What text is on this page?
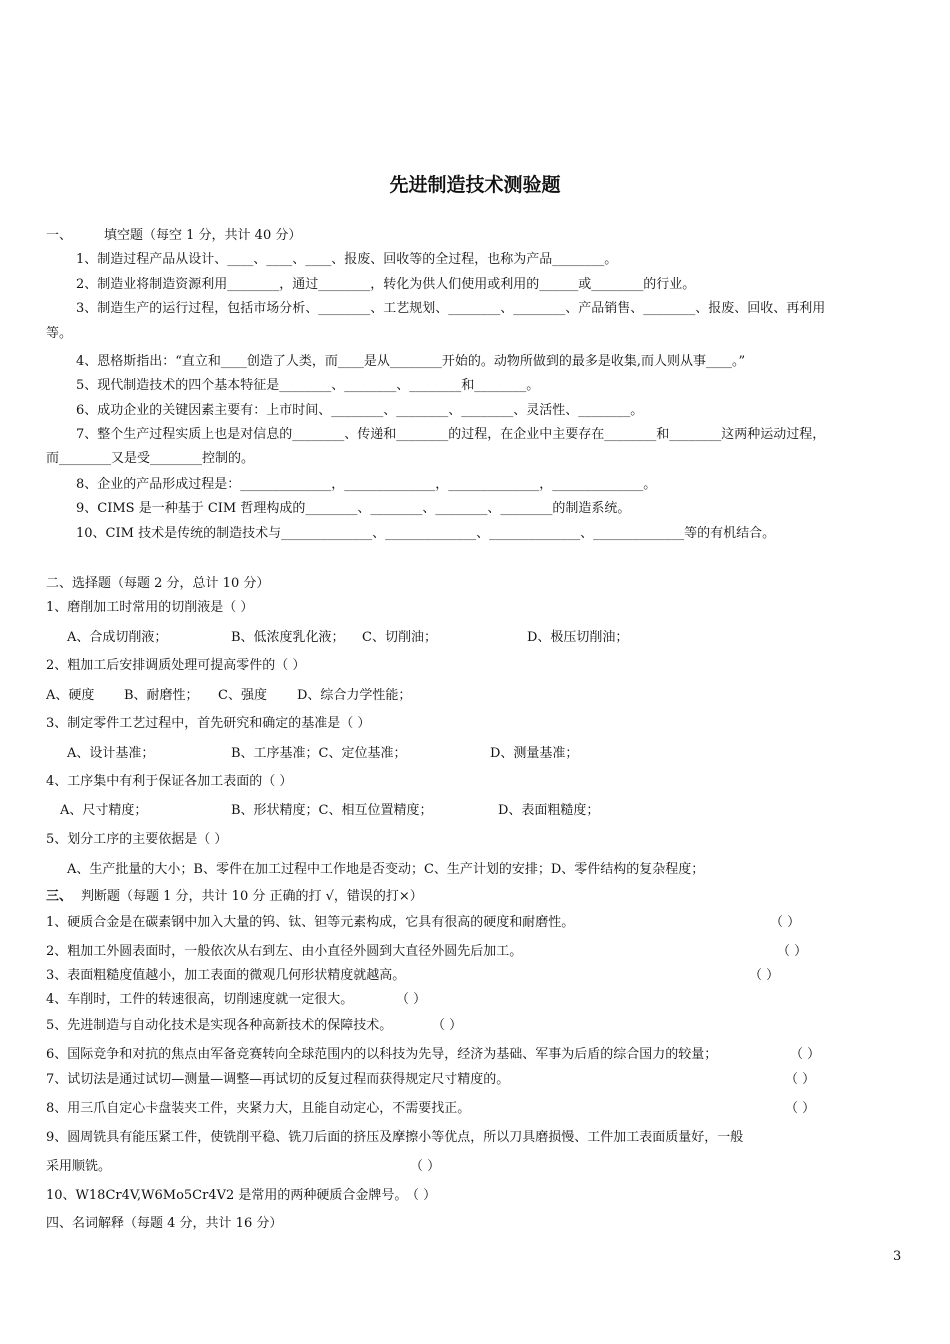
先进制造技术测验题
一、 填空题（每空 1 分，共计 40 分）
1、制造过程产品从设计、____、____、____、报废、回收等的全过程，也称为产品________。
2、制造业将制造资源利用________，通过________，转化为供人们使用或利用的______或________的行业。
3、制造生产的运行过程，包括市场分析、________、工艺规划、________、________、产品销售、________、报废、回收、再利用
等。
4、恩格斯指出：“直立和____创造了人类，而____是从________开始的。动物所做到的最多是收集,而人则从事____。”
5、现代制造技术的四个基本特征是________、________、________和________。
6、成功企业的关键因素主要有：上市时间、________、________、________、灵活性、________。
7、整个生产过程实质上也是对信息的________、传递和________的过程，在企业中主要存在________和________这两种运动过程，
而________又是受________控制的。
8、企业的产品形成过程是：______________，______________，______________，______________。
9、CIMS 是一种基于 CIM 哲理构成的________、________、________、________的制造系统。
10、CIM 技术是传统的制造技术与______________、______________、______________、______________等的有机结合。
二、选择题（每题 2 分，总计 10 分）
1、磨削加工时常用的切削液是（ ）
A、合成切削液；	B、低浓度乳化液； C、切削油；	D、极压切削油；
2、粗加工后安排调质处理可提高零件的（ ）
A、硬度 B、耐磨性； C、强度 D、综合力学性能；
3、制定零件工艺过程中，首先研究和确定的基准是（ ）
A、设计基准；	B、工序基准；C、定位基准；	D、测量基准；
4、工序集中有利于保证各加工表面的（ ）
A、尺寸精度；	B、形状精度；C、相互位置精度；	D、表面粗糙度；
5、划分工序的主要依据是（ ）
A、生产批量的大小；B、零件在加工过程中工作地是否变动；C、生产计划的安排；D、零件结构的复杂程度；
三、 判断题（每题 1 分，共计 10 分 正确的打 √，错误的打×）
1、硬质合金是在碳素钢中加入大量的钨、钛、钽等元素构成，它具有很高的硬度和耐磨性。	（ ）
2、粗加工外圆表面时，一般依次从右到左、由小直径外圆到大直径外圆先后加工。	（ ）
3、表面粗糙度值越小，加工表面的微观几何形状精度就越高。	（ ）
4、车削时，工件的转速很高，切削速度就一定很大。	（ ）
5、先进制造与自动化技术是实现各种高新技术的保障技术。	（ ）
6、国际竞争和对抗的焦点由军备竞赛转向全球范围内的以科技为先导，经济为基础、军事为后盾的综合国力的较量；	（ ）
7、试切法是通过试切—测量—调整—再试切的反复过程而获得规定尺寸精度的。	（ ）
8、用三爪自定心卡盘装夹工件，夹紧力大，且能自动定心，不需要找正。	（ ）
9、圆周铣具有能压紧工件，使铣削平稳、铣刀后面的挤压及摩擦小等优点，所以刀具磨损慢、工件加工表面质量好，一般
采用顺铣。	（ ）
10、W18Cr4V,W6Mo5Cr4V2 是常用的两种硬质合金牌号。
（ ）
四、名词解释（每题 4 分，共计 16 分）
3
